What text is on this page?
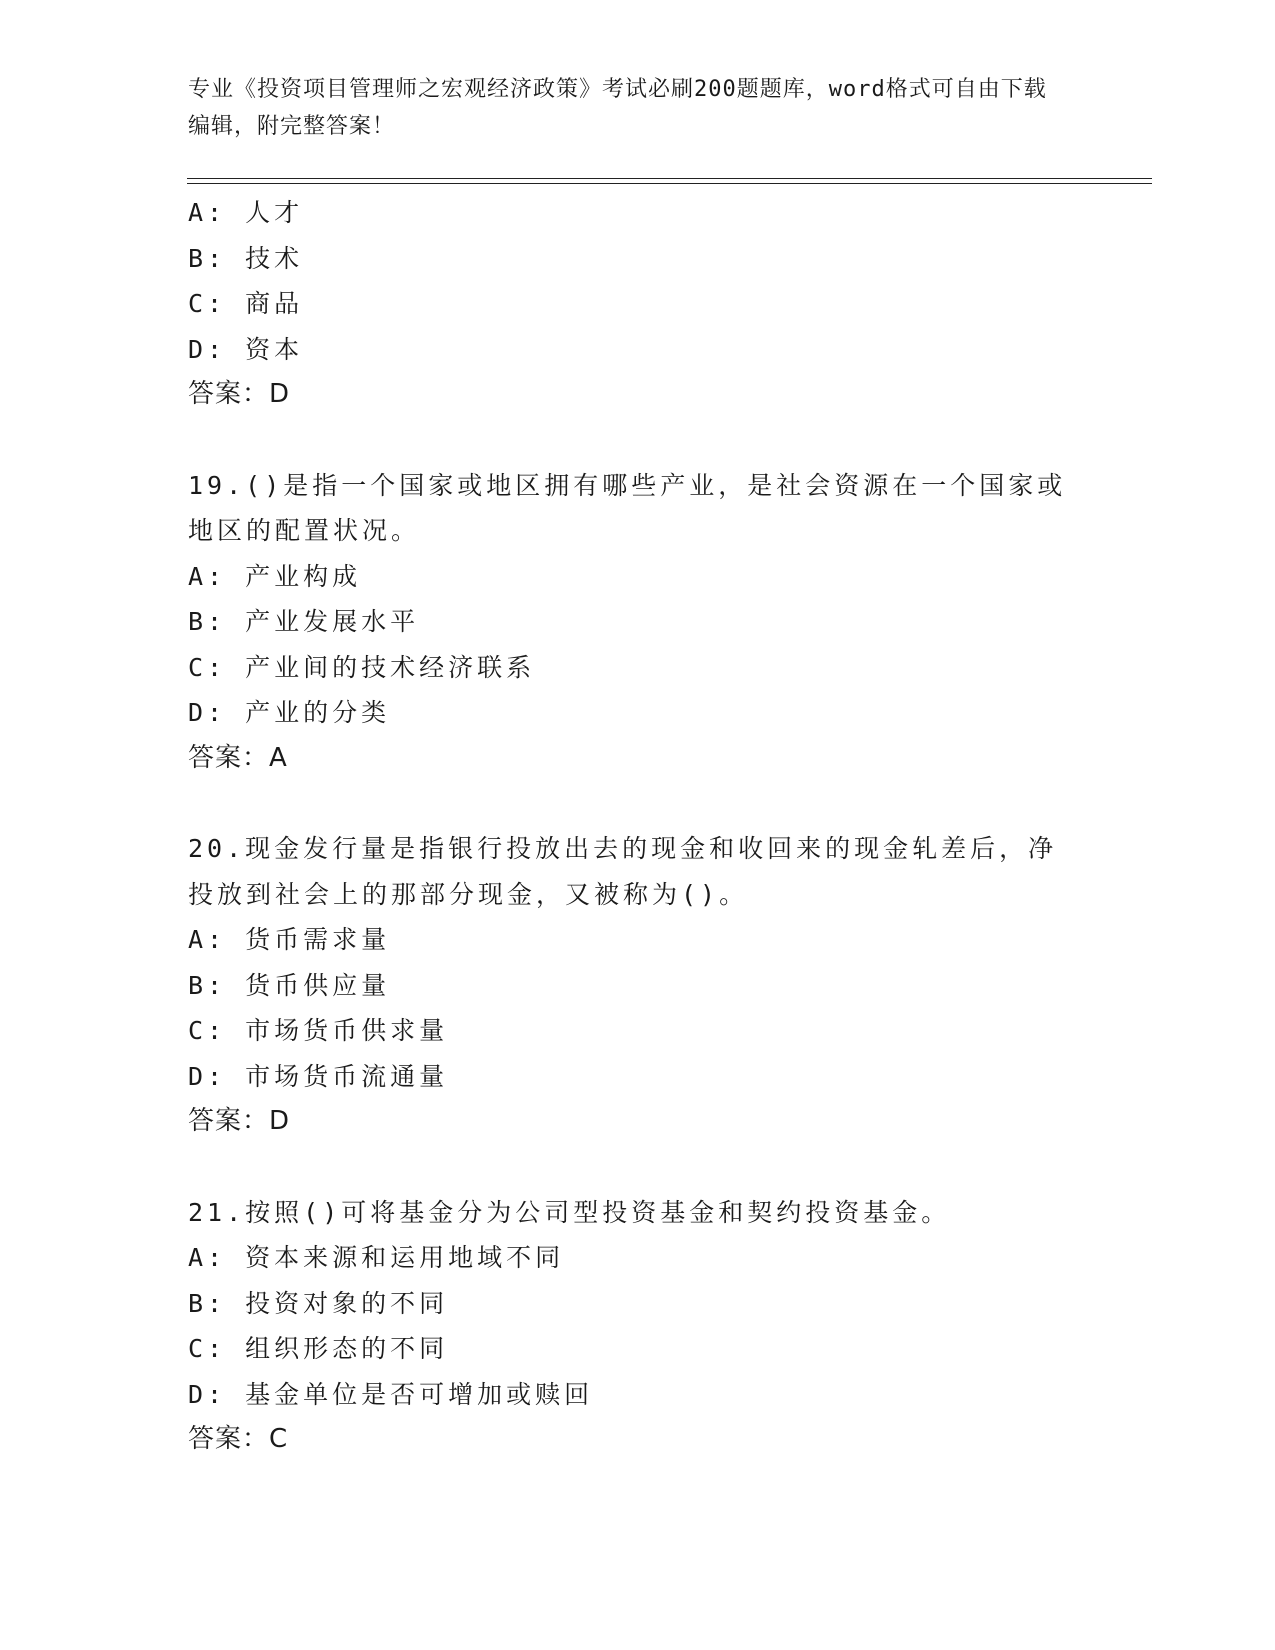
专业《投资项目管理师之宏观经济政策》考试必刷200题题库，word格式可自由下载编辑，附完整答案！
A: 人才
B: 技术
C: 商品
D: 资本
答案：D
19.()是指一个国家或地区拥有哪些产业，是社会资源在一个国家或地区的配置状况。
A: 产业构成
B: 产业发展水平
C: 产业间的技术经济联系
D: 产业的分类
答案：A
20.现金发行量是指银行投放出去的现金和收回来的现金轧差后，净投放到社会上的那部分现金，又被称为()。
A: 货币需求量
B: 货币供应量
C: 市场货币供求量
D: 市场货币流通量
答案：D
21.按照()可将基金分为公司型投资基金和契约投资基金。
A: 资本来源和运用地域不同
B: 投资对象的不同
C: 组织形态的不同
D: 基金单位是否可增加或赎回
答案：C
